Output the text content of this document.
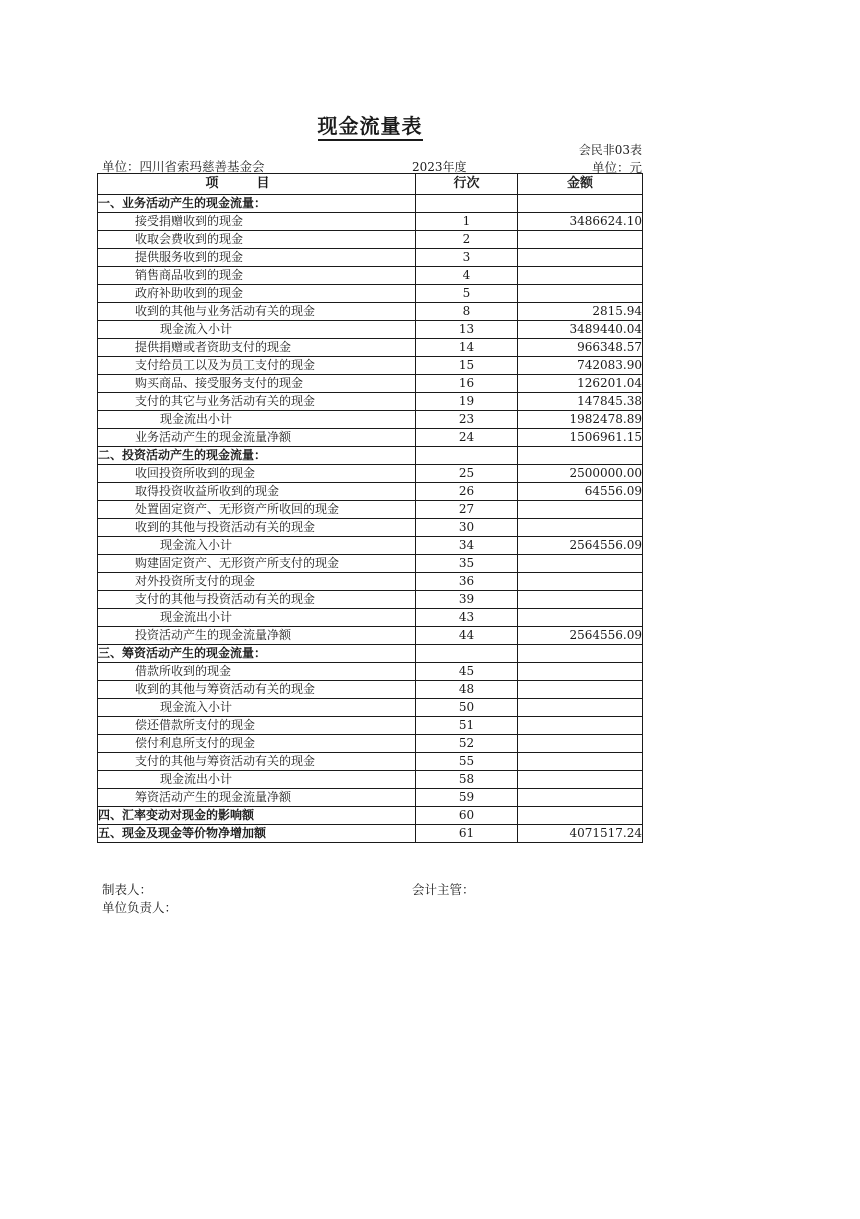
现金流量表
会民非03表
单位：四川省索玛慈善基金会	2023年度	单位：元
项目	行次	金额
一、业务活动产生的现金流量：		
接受捐赠收到的现金	1	3486624.10
收取会费收到的现金	2	
提供服务收到的现金	3	
销售商品收到的现金	4	
政府补助收到的现金	5	
收到的其他与业务活动有关的现金	8	2815.94
现金流入小计	13	3489440.04
提供捐赠或者资助支付的现金	14	966348.57
支付给员工以及为员工支付的现金	15	742083.90
购买商品、接受服务支付的现金	16	126201.04
支付的其它与业务活动有关的现金	19	147845.38
现金流出小计	23	1982478.89
业务活动产生的现金流量净额	24	1506961.15
二、投资活动产生的现金流量：		
收回投资所收到的现金	25	2500000.00
取得投资收益所收到的现金	26	64556.09
处置固定资产、无形资产所收回的现金	27	
收到的其他与投资活动有关的现金	30	
现金流入小计	34	2564556.09
购建固定资产、无形资产所支付的现金	35	
对外投资所支付的现金	36	
支付的其他与投资活动有关的现金	39	
现金流出小计	43	
投资活动产生的现金流量净额	44	2564556.09
三、筹资活动产生的现金流量：		
借款所收到的现金	45	
收到的其他与筹资活动有关的现金	48	
现金流入小计	50	
偿还借款所支付的现金	51	
偿付利息所支付的现金	52	
支付的其他与筹资活动有关的现金	55	
现金流出小计	58	
筹资活动产生的现金流量净额	59	
四、汇率变动对现金的影响额	60	
五、现金及现金等价物净增加额	61	4071517.24
制表人：	会计主管：
单位负责人：
